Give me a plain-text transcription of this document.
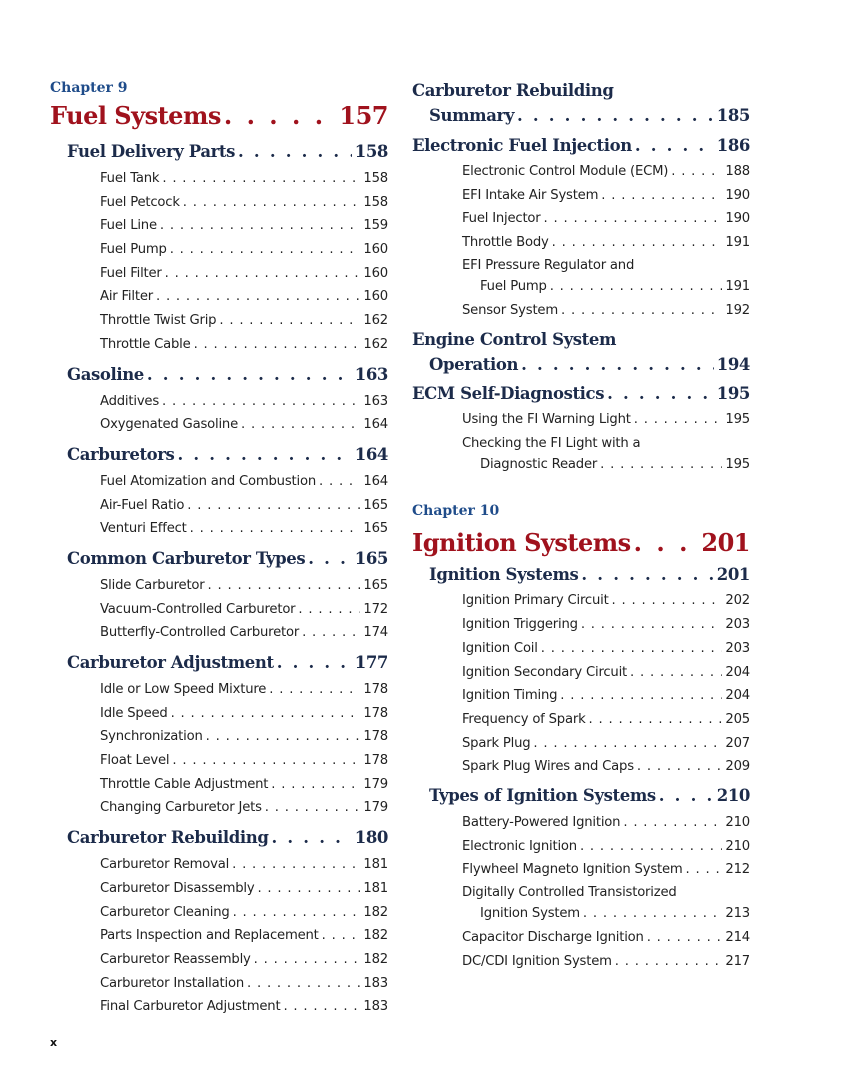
Chapter 9
Fuel Systems . . .	157
Fuel Delivery Parts . . .	158
Fuel Tank . . .	158
Fuel Petcock . . .	158
Fuel Line . . .	159
Fuel Pump . . .	160
Fuel Filter . . .	160
Air Filter . . .	160
Throttle Twist Grip . . .	162
Throttle Cable . . .	162
Gasoline . . .	163
Additives . . .	163
Oxygenated Gasoline . . .	164
Carburetors . . .	164
Fuel Atomization and Combustion . . .	164
Air-Fuel Ratio . . .	165
Venturi Effect . . .	165
Common Carburetor Types . . .	165
Slide Carburetor . . .	165
Vacuum-Controlled Carburetor . . .	172
Butterfly-Controlled Carburetor . . .	174
Carburetor Adjustment . . .	177
Idle or Low Speed Mixture . . .	178
Idle Speed . . .	178
Synchronization . . .	178
Float Level . . .	178
Throttle Cable Adjustment . . .	179
Changing Carburetor Jets . . .	179
Carburetor Rebuilding . . .	180
Carburetor Removal . . .	181
Carburetor Disassembly . . .	181
Carburetor Cleaning . . .	182
Parts Inspection and Replacement . . .	182
Carburetor Reassembly . . .	182
Carburetor Installation . . .	183
Final Carburetor Adjustment . . .	183
Carburetor Rebuilding
Summary . . .	185
Electronic Fuel Injection . . .	186
Electronic Control Module (ECM) . . .	188
EFI Intake Air System . . .	190
Fuel Injector . . .	190
Throttle Body . . .	191
EFI Pressure Regulator and
Fuel Pump . . .	191
Sensor System . . .	192
Engine Control System
Operation . . .	194
ECM Self-Diagnostics . . .	195
Using the FI Warning Light . . .	195
Checking the FI Light with a
Diagnostic Reader . . .	195
Chapter 10
Ignition Systems . . .	201
Ignition Systems . . .	201
Ignition Primary Circuit . . .	202
Ignition Triggering . . .	203
Ignition Coil . . .	203
Ignition Secondary Circuit . . .	204
Ignition Timing . . .	204
Frequency of Spark . . .	205
Spark Plug . . .	207
Spark Plug Wires and Caps . . .	209
Types of Ignition Systems . . .	210
Battery-Powered Ignition . . .	210
Electronic Ignition . . .	210
Flywheel Magneto Ignition System . . .	212
Digitally Controlled Transistorized
Ignition System . . .	213
Capacitor Discharge Ignition . . .	214
DC/CDI Ignition System . . .	217
x
